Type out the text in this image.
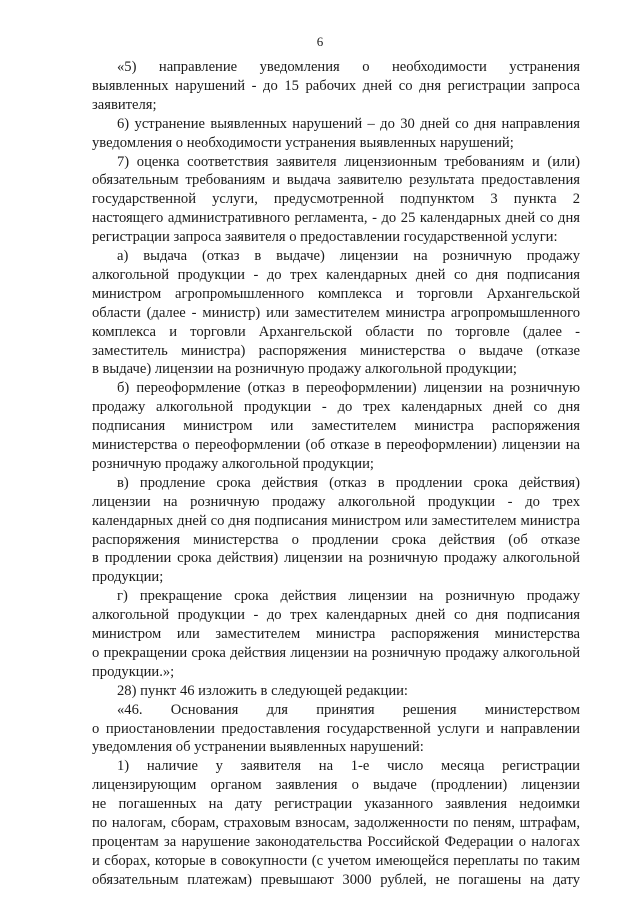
6
«5) направление уведомления о необходимости устранения
выявленных нарушений - до 15 рабочих дней со дня регистрации запроса
заявителя;
6) устранение выявленных нарушений – до 30 дней со дня направления
уведомления о необходимости устранения выявленных нарушений;
7) оценка соответствия заявителя лицензионным требованиям и (или)
обязательным требованиям и выдача заявителю результата предоставления
государственной услуги, предусмотренной подпунктом 3 пункта 2
настоящего административного регламента, - до 25 календарных дней со дня
регистрации запроса заявителя о предоставлении государственной услуги:
а) выдача (отказ в выдаче) лицензии на розничную продажу
алкогольной продукции - до трех календарных дней со дня подписания
министром агропромышленного комплекса и торговли Архангельской
области (далее - министр) или заместителем министра агропромышленного
комплекса и торговли Архангельской области по торговле (далее -
заместитель министра) распоряжения министерства о выдаче (отказе
в выдаче) лицензии на розничную продажу алкогольной продукции;
б) переоформление (отказ в переоформлении) лицензии на розничную
продажу алкогольной продукции - до трех календарных дней со дня
подписания министром или заместителем министра распоряжения
министерства о переоформлении (об отказе в переоформлении) лицензии на
розничную продажу алкогольной продукции;
в) продление срока действия (отказ в продлении срока действия)
лицензии на розничную продажу алкогольной продукции - до трех
календарных дней со дня подписания министром или заместителем министра
распоряжения министерства о продлении срока действия (об отказе
в продлении срока действия) лицензии на розничную продажу алкогольной
продукции;
г) прекращение срока действия лицензии на розничную продажу
алкогольной продукции - до трех календарных дней со дня подписания
министром или заместителем министра распоряжения министерства
о прекращении срока действия лицензии на розничную продажу алкогольной
продукции.»;
28) пункт 46 изложить в следующей редакции:
«46. Основания для принятия решения министерством
о приостановлении предоставления государственной услуги и направлении
уведомления об устранении выявленных нарушений:
1) наличие у заявителя на 1-е число месяца регистрации
лицензирующим органом заявления о выдаче (продлении) лицензии
не погашенных на дату регистрации указанного заявления недоимки
по налогам, сборам, страховым взносам, задолженности по пеням, штрафам,
процентам за нарушение законодательства Российской Федерации о налогах
и сборах, которые в совокупности (с учетом имеющейся переплаты по таким
обязательным платежам) превышают 3000 рублей, не погашены на дату
